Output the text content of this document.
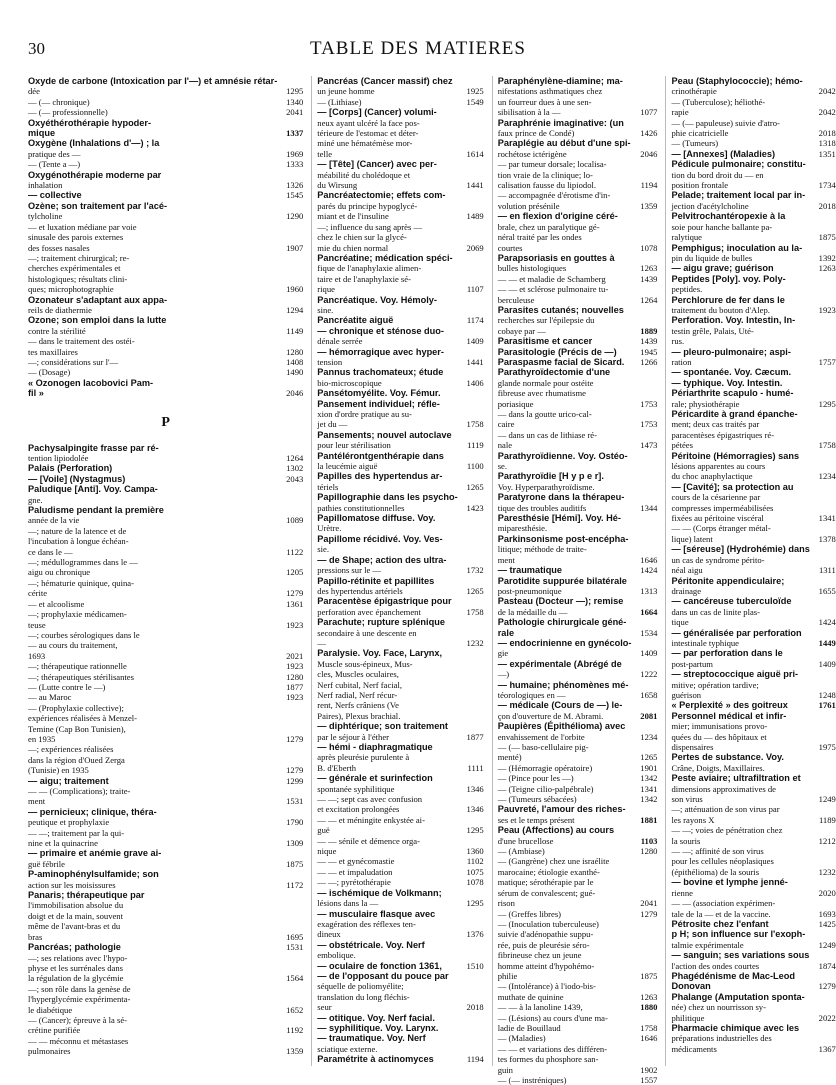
30	TABLE DES MATIERES
Oxyde de carbone (Intoxication par l'—) et amnésie rétar-
dée	1295
— (— chronique)	1340
— (— professionnelle)	2041
Oxyéthérothérapie hypoder-
mique	1337
Oxygène (Inhalations d'—) ; la
pratique des —	1969
— (Tente a —)	1333
Oxygénothérapie moderne par
inhalation	1326
— collective	1545
Ozène; son traitement par l'acé-
tylcholine	1290
— et luxation médiane par voie
sinusale des parois externes
des fosses nasales	1907
—; traitement chirurgical; re-
cherches expérimentales et
histologiques; résultats clini-
ques; microphotographie	1960
Ozonateur s'adaptant aux appa-
reils de diathermie	1294
Ozone; son emploi dans la lutte
contre la stérilité	1149
— dans le traitement des ostéi-
tes maxillaires	1280
—; considérations sur l'—	1408
— (Dosage)	1490
« Ozonogen Iacobovici Pam-
fil »	2046
P
Pachysalpingite frasse par ré-
tention lipiodolée	1264
Palais (Perforation)	1302
— [Voile] (Nystagmus)	2043
Paludique [Anti]. Voy. Campa-
gne.
Paludisme pendant la première
année de la vie	1089
—; nature de la latence et de
l'incubation à longue échéan-
ce dans le —	1122
—; médullogrammes dans le —
aigu ou chronique	1205
—; hématurie quinique, quina-
cérite	1279
— et alcoolisme	1361
—; prophylaxie médicamen-
teuse	1923
—; courbes sérologiques dans le
— au cours du traitement,
1693	2021
—; thérapeutique rationnelle	1923
—; thérapeutiques stérilisantes	1280
— (Lutte contre le —)	1877
— au Maroc	1923
— (Prophylaxie collective);
expériences réalisées à Menzel-
Temine (Cap Bon Tunisien),
en 1935	1279
—; expériences réalisées
dans la région d'Oued Zerga
(Tunisie) en 1935	1279
— aigu; traitement	1299
— — (Complications); traite-
ment	1531
— pernicieux; clinique, théra-
peutique et prophylaxie	1790
— —; traitement par la qui-
nine et la quinacrine	1309
— primaire et anémie grave ai-
guë fébrile	1875
P-aminophénylsulfamide; son
action sur les moisissures	1172
Panaris; thérapeutique par
l'immobilisation absolue du
doigt et de la main, souvent
même de l'avant-bras et du
bras	1695
Pancréas; pathologie	1531
—; ses relations avec l'hypo-
physe et les surrénales dans
la régulation de la glycémie	1564
—; son rôle dans la genèse de
l'hyperglycémie expérimenta-
le diabétique	1652
— (Cancer); épreuve à la sé-
crétine purifiée	1192
— — méconnu et métastases
pulmonaires	1359
Pancréas (Cancer massif) chez
un jeune homme	1925
— (Lithiase)	1549
— [Corps] (Cancer) volumi-
neux ayant ulcéré la face pos-
térieure de l'estomac et déter-
miné une hématémèse mor-
telle	1614
— [Tête] (Cancer) avec per-
méabilité du cholédoque et
du Wirsung	1441
Pancréatectomie; effets com-
parés du principe hypoglycé-
miant et de l'insuline	1489
—; influence du sang après —
chez le chien sur la glycé-
mie du chien normal	2069
Pancréatine; médication spéci-
fique de l'anaphylaxie alimen-
taire et de l'anaphylaxie sé-
rique	1107
Pancréatique. Voy. Hémoly-
sine.
Pancréatite aiguë	1174
— chronique et sténose duo-
dénale serrée	1409
— hémorragique avec hyper-
tension	1441
Pannus trachomateux; étude
bio-microscopique	1406
Pansétomyélite. Voy. Fémur.
Pansement individuel; réfle-
xion d'ordre pratique au su-
jet du —	1758
Pansements; nouvel autoclave
pour leur stérilisation	1119
Pantélérontgenthérapie dans
la leucémie aiguë	1100
Papilles des hypertendus ar-
tériels	1265
Papillographie dans les psycho-
pathies constitutionnelles	1423
Papillomatose diffuse. Voy.
Urètre.
Papillome récidivé. Voy. Ves-
sie.
— de Shape; action des ultra-
pressions sur le —	1732
Papillo-rétinite et papillites
des hypertendus artériels	1265
Paracentèse épigastrique pour
perforation avec épanchement	1758
Parachute; rupture splénique
secondaire à une descente en
—	1232
Paralysie. Voy. Face, Larynx,
Muscle sous-épineux, Mus-
cles, Muscles oculaires,
Nerf cubital, Nerf facial,
Nerf radial, Nerf récur-
rent, Nerfs crâniens (Ve
Paires), Plexus brachial.
— diphtérique; son traitement
par le séjour à l'éther	1877
— hémi - diaphragmatique
après pleurésie purulente à
B. d'Eberth	1111
— générale et surinfection
spontanée syphilitique	1346
— —; sept cas avec confusion
et excitation prolongées	1346
— — et méningite enkystée ai-
guë	1295
— — sénile et démence orga-
nique	1360
— — et gynécomastie	1102
— — et impaludation	1075
— —; pyrétothérapie	1078
— ischémique de Volkmann;
lésions dans la —	1295
— musculaire flasque avec
exagération des réflexes ten-
dineux	1376
— obstétricale. Voy. Nerf
embolique.
— oculaire de fonction 1361,	1510
— de l'opposant du pouce par
séquelle de poliomyélite;
translation du long fléchis-
seur	2018
— otitique. Voy. Nerf facial.
— syphilitique. Voy. Larynx.
— traumatique. Voy. Nerf
sciatique externe.
Paramétrite à actinomyces	1194
Paraphénylène-diamine; ma-
nifestations asthmatiques chez
un fourreur dues à une sen-
sibilisation à la —	1077
Paraphrénie imaginative: (un
faux prince de Condé)	1426
Paraplégie au début d'une spi-
rochétose ictérigène	2046
— par tumeur dorsale; localisa-
tion vraie de la clinique; lo-
calisation fausse du lipiodol.	1194
— accompagnée d'érotisme d'in-
volution présénile	1359
— en flexion d'origine céré-
brale, chez un paralytique gé-
néral traité par les ondes
courtes	1078
Parapsoriasis en gouttes à
bulles histologiques	1263
— — et maladie de Schamberg	1439
— — et sclérose pulmonaire tu-
berculeuse	1264
Parasites cutanés; nouvelles
recherches sur l'épilepsie du
cobaye par —	1889
Parasitisme et cancer	1439
Parasitologie (Précis de —)	1945
Paraspasme facial de Sicard.	1266
Parathyroïdectomie d'une
glande normale pour ostéite
fibreuse avec rhumatisme
poriasique	1753
— dans la goutte urico-cal-
caire	1753
— dans un cas de lithiase ré-
nale	1473
Parathyroïdienne. Voy. Ostéo-
se.
Parathyroïdie [H y p e r].
Voy. Hyperparathyroïdisme.
Paratyrone dans la thérapeu-
tique des troubles auditifs	1344
Paresthésie [Hémi]. Voy. Hé-
miparesthésie.
Parkinsonisme post-encépha-
litique; méthode de traite-
ment	1646
— traumatique	1424
Parotidite suppurée bilatérale
post-pneumonique	1313
Pasteau (Docteur —); remise
de la médaille du —	1664
Pathologie chirurgicale géné-
rale	1534
— endocrinienne en gynécolo-
gie	1409
— expérimentale (Abrégé de
—)	1222
— humaine; phénomènes mé-
téorologiques en —	1658
— médicale (Cours de —) le-
çon d'ouverture de M. Abrami.	2081
Paupières (Épithélioma) avec
envahissement de l'orbite	1234
— (— baso-cellulaire pig-
menté)	1265
— (Hémorragie opératoire)	1901
— (Pince pour les —)	1342
— (Teigne cilio-palpébrale)	1341
— (Tumeurs sébacées)	1342
Pauvreté, l'amour des riches-
ses et le temps présent	1881
Peau (Affections) au cours
d'une brucellose	1103
— (Ambiase)	1280
— (Gangrène) chez une israélite
marocaine; étiologie exanthé-
matique; sérothérapie par le
sérum de convalescent; gué-
rison	2041
— (Greffes libres)	1279
— (Inoculation tuberculeuse)
suivie d'adénopathie suppu-
rée, puis de pleurésie séro-
fibrineuse chez un jeune
homme atteint d'hypohémo-
philie	1875
— (Intolérance) à l'iodo-bis-
muthate de quinine	1263
— — à la lanoline 1439,	1880
— (Lésions) au cours d'une ma-
ladie de Bouillaud	1758
— (Maladies)	1646
— — et variations des différen-
tes formes du phosphore san-
guin	1902
— (— instréniques)	1557
Peau (Staphylococcie); hémo-
crinothérapie	2042
— (Tuberculose); héliothé-
rapie	2042
— (— papuleuse) suivie d'atro-
phie cicatricielle	2018
— (Tumeurs)	1318
— [Annexes] (Maladies)	1351
Pédicule pulmonaire; constitu-
tion du bord droit du — en
position frontale	1734
Pelade; traitement local par in-
jection d'acétylcholine	2018
Pelvitrochantéropexie à la
soie pour hanche ballante pa-
ralytique	1875
Pemphigus; inoculation au la-
pin du liquide de bulles	1392
— aigu grave; guérison	1263
Peptides [Poly]. voy. Poly-
peptides.
Perchlorure de fer dans le
traitement du bouton d'Alep.	1923
Perforation. Voy. Intestin, In-
testin grêle, Palais, Uté-
rus.
— pleuro-pulmonaire; aspi-
ration	1757
— spontanée. Voy. Cæcum.
— typhique. Voy. Intestin.
Périarthrite scapulo - humé-
rale; physiothérapie	1295
Péricardite à grand épanche-
ment; deux cas traités par
paracentèses épigastriques ré-
pétées	1758
Péritoine (Hémorragies) sans
lésions apparentes au cours
du choc anaphylactique	1234
— [Cavité]; sa protection au
cours de la césarienne par
compresses imperméabilisées
fixées au péritoine viscéral	1341
— — (Corps étranger métal-
lique) latent	1378
— [séreuse] (Hydrohémie) dans
un cas de syndrome périto-
néal aigu	1311
Péritonite appendiculaire;
drainage	1655
— cancéreuse tuberculoïde
dans un cas de linite plas-
tique	1424
— généralisée par perforation
intestinale typhique	1449
— par perforation dans le
post-partum	1409
— streptococcique aiguë pri-
mitive; opération tardive;
guérison	1248
« Perplexité » des goitreux	1761
Personnel médical et infir-
mier; immunisations provo-
quées du — des hôpitaux et
dispensaires	1975
Pertes de substance. Voy.
Crâne, Doigts, Maxillaires.
Peste aviaire; ultrafiltration et
dimensions approximatives de
son virus	1249
—; atténuation de son virus par
les rayons X	1189
— —; voies de pénétration chez
la souris	1212
— —; affinité de son virus
pour les cellules néoplasiques
(épithélioma) de la souris	1232
— bovine et lymphe jenné-
rienne	2020
— — (association expérimen-
tale de la — et de la vaccine.	1693
Pétrosite chez l'enfant	1425
p H; son influence sur l'exoph-
talmie expérimentale	1249
— sanguin; ses variations sous
l'action des ondes courtes	1874
Phagédénisme de Mac-Leod
Donovan	1279
Phalange (Amputation sponta-
née) chez un nourrisson sy-
philitique	2022
Pharmacie chimique avec les
préparations industrielles des
médicaments	1367
